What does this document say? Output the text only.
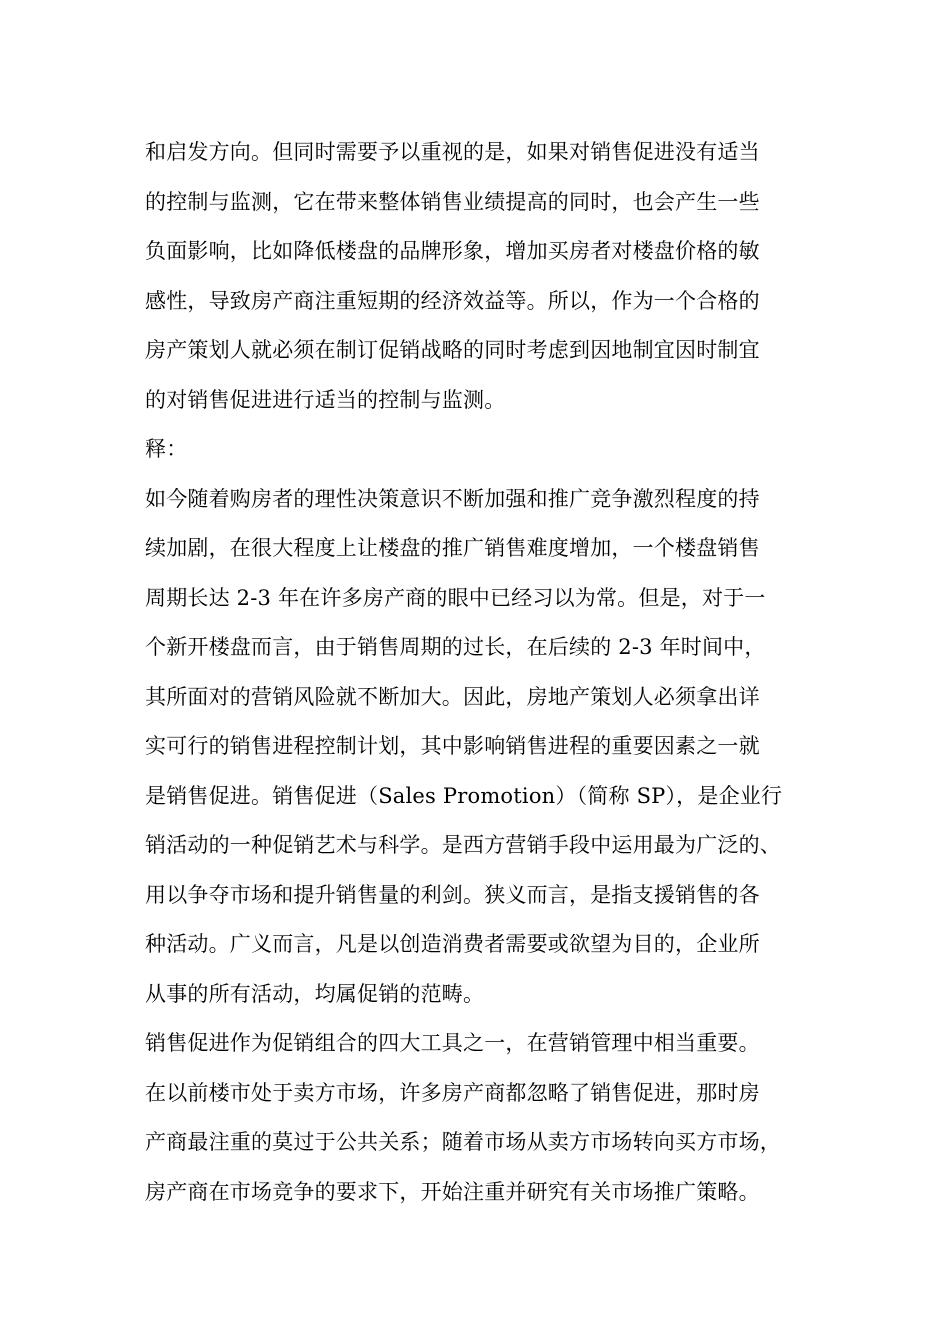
和启发方向。但同时需要予以重视的是，如果对销售促进没有适当
的控制与监测，它在带来整体销售业绩提高的同时，也会产生一些
负面影响，比如降低楼盘的品牌形象，增加买房者对楼盘价格的敏
感性，导致房产商注重短期的经济效益等。所以，作为一个合格的
房产策划人就必须在制订促销战略的同时考虑到因地制宜因时制宜
的对销售促进进行适当的控制与监测。
释：
如今随着购房者的理性决策意识不断加强和推广竞争激烈程度的持
续加剧，在很大程度上让楼盘的推广销售难度增加，一个楼盘销售
周期长达 2-3 年在许多房产商的眼中已经习以为常。但是，对于一
个新开楼盘而言，由于销售周期的过长，在后续的 2-3 年时间中，
其所面对的营销风险就不断加大。因此，房地产策划人必须拿出详
实可行的销售进程控制计划，其中影响销售进程的重要因素之一就
是销售促进。销售促进（Sales Promotion）（简称 SP），是企业行
销活动的一种促销艺术与科学。是西方营销手段中运用最为广泛的、
用以争夺市场和提升销售量的利剑。狭义而言，是指支援销售的各
种活动。广义而言，凡是以创造消费者需要或欲望为目的，企业所
从事的所有活动，均属促销的范畴。
销售促进作为促销组合的四大工具之一，在营销管理中相当重要。
在以前楼市处于卖方市场，许多房产商都忽略了销售促进，那时房
产商最注重的莫过于公共关系；随着市场从卖方市场转向买方市场，
房产商在市场竞争的要求下，开始注重并研究有关市场推广策略。
